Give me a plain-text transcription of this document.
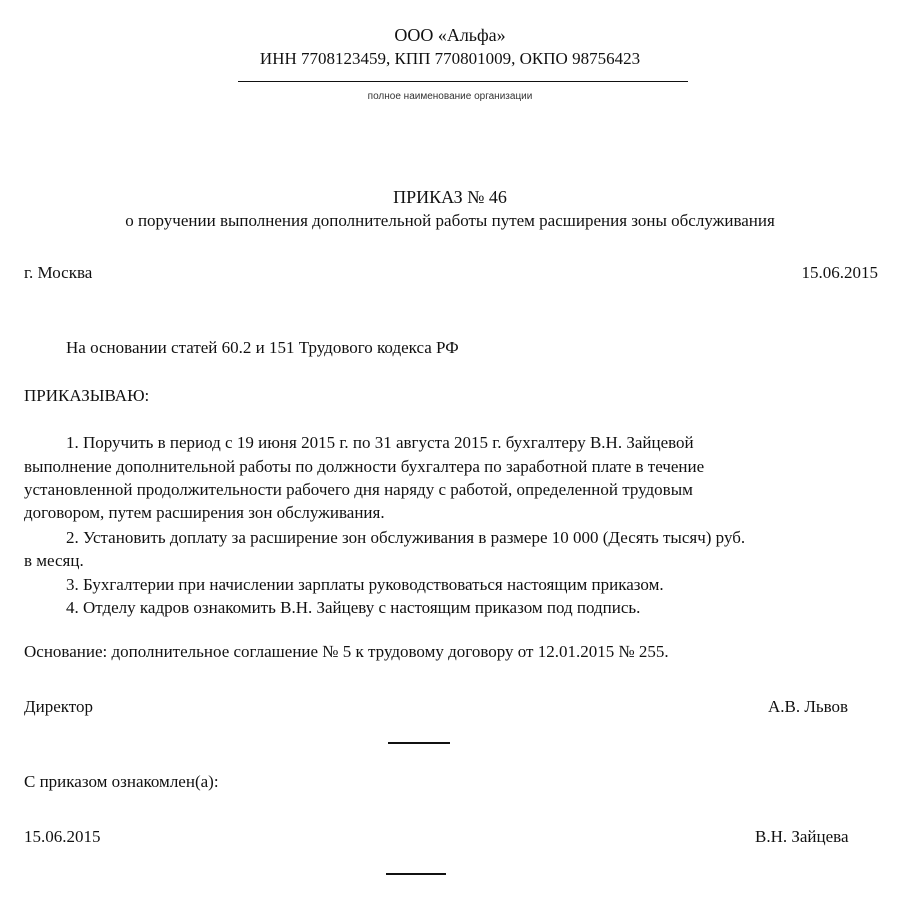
ООО «Альфа»
ИНН 7708123459, КПП 770801009, ОКПО 98756423
полное наименование организации
ПРИКАЗ № 46
о поручении выполнения дополнительной работы путем расширения зоны обслуживания
г. Москва	15.06.2015
На основании статей 60.2 и 151 Трудового кодекса РФ
ПРИКАЗЫВАЮ:
1. Поручить в период с 19 июня 2015 г. по 31 августа 2015 г. бухгалтеру В.Н. Зайцевой
выполнение дополнительной работы по должности бухгалтера по заработной плате в течение
установленной продолжительности рабочего дня наряду с работой, определенной трудовым
договором, путем расширения зон обслуживания.
2. Установить доплату за расширение зон обслуживания в размере 10 000 (Десять тысяч) руб.
в месяц.
3. Бухгалтерии при начислении зарплаты руководствоваться настоящим приказом.
4. Отделу кадров ознакомить В.Н. Зайцеву с настоящим приказом под подпись.
Основание: дополнительное соглашение № 5 к трудовому договору от 12.01.2015 № 255.
Директор	А.В. Львов
С приказом ознакомлен(а):
15.06.2015	В.Н. Зайцева
